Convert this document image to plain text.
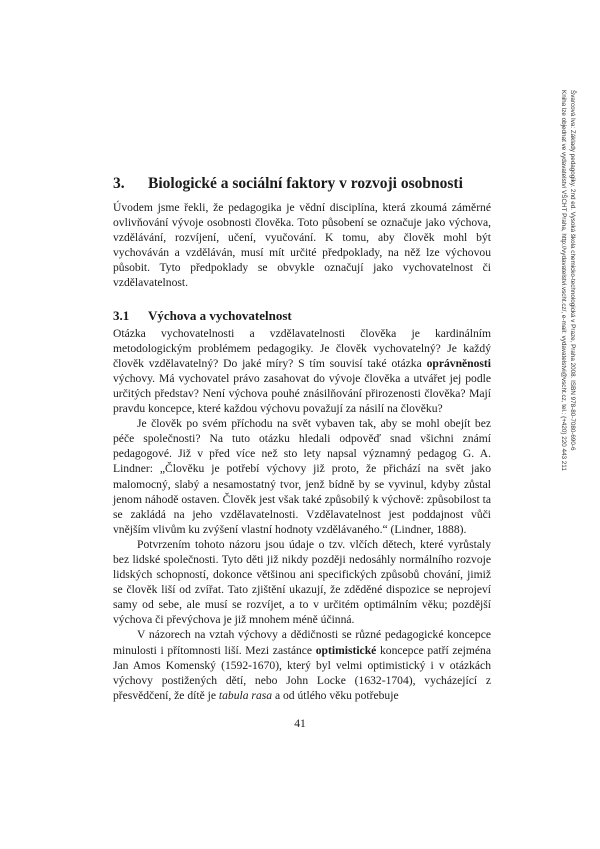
Švarcová Iva: Základy pedagogiky. 2nd ed. Vysoká škola chemicko-technologická v Praze, Praha 2008. ISBN 978-80-7080-690-6
Kniha lze objednat ve vydavatelství VŠCHT Praha, http://vydavatelstvi.vscht.cz/, e-mail: vydavatelstvi@vscht.cz, tel.: (+420) 220 443 211
3.	Biologické a sociální faktory v rozvoji osobnosti

Úvodem jsme řekli, že pedagogika je vědní disciplína, která zkoumá záměrné ovlivňování vývoje osobnosti člověka. Toto působení se označuje jako výchova, vzdělávání, rozvíjení, učení, vyučování. K tomu, aby člověk mohl být vychováván a vzděláván, musí mít určité předpoklady, na něž lze výchovou působit. Tyto předpoklady se obvykle označují jako vychovatelnost či vzdělavatelnost.

3.1	Výchova a vychovatelnost

Otázka vychovatelnosti a vzdělavatelnosti člověka je kardinálním metodologickým problémem pedagogiky. Je člověk vychovatelný? Je každý člověk vzdělavatelný? Do jaké míry? S tím souvisí také otázka oprávněnosti výchovy. Má vychovatel právo zasahovat do vývoje člověka a utvářet jej podle určitých představ? Není výchova pouhé znásilňování přirozenosti člověka? Mají pravdu koncepce, které každou výchovu považují za násilí na člověku?

Je člověk po svém příchodu na svět vybaven tak, aby se mohl obejít bez péče společnosti? Na tuto otázku hledali odpověď snad všichni známí pedagogové. Již v před více než sto lety napsal významný pedagog G. A. Lindner: „Člověku je potřebí výchovy již proto, že přichází na svět jako malomocný, slabý a nesamostatný tvor, jenž bídně by se vyvinul, kdyby zůstal jenom náhodě ostaven. Člověk jest však také způsobilý k výchově: způsobilost ta se zakládá na jeho vzdělavatelnosti. Vzdělavatelnost jest poddajnost vůči vnějším vlivům ku zvýšení vlastní hodnoty vzdělávaného.“ (Lindner, 1888).

Potvrzením tohoto názoru jsou údaje o tzv. vlčích dětech, které vyrůstaly bez lidské společnosti. Tyto děti již nikdy později nedosáhly normálního rozvoje lidských schopností, dokonce většinou ani specifických způsobů chování, jimiž se člověk liší od zvířat. Tato zjištění ukazují, že zděděné dispozice se neprojeví samy od sebe, ale musí se rozvíjet, a to v určitém optimálním věku; pozdější výchova či převýchova je již mnohem méně účinná.

V názorech na vztah výchovy a dědičnosti se různé pedagogické koncepce minulosti i přítomnosti liší. Mezi zastánce optimistické koncepce patří zejména Jan Amos Komenský (1592-1670), který byl velmi optimistický i v otázkách výchovy postižených dětí, nebo John Locke (1632-1704), vycházející z přesvědčení, že dítě je tabula rasa a od útlého věku potřebuje

41
